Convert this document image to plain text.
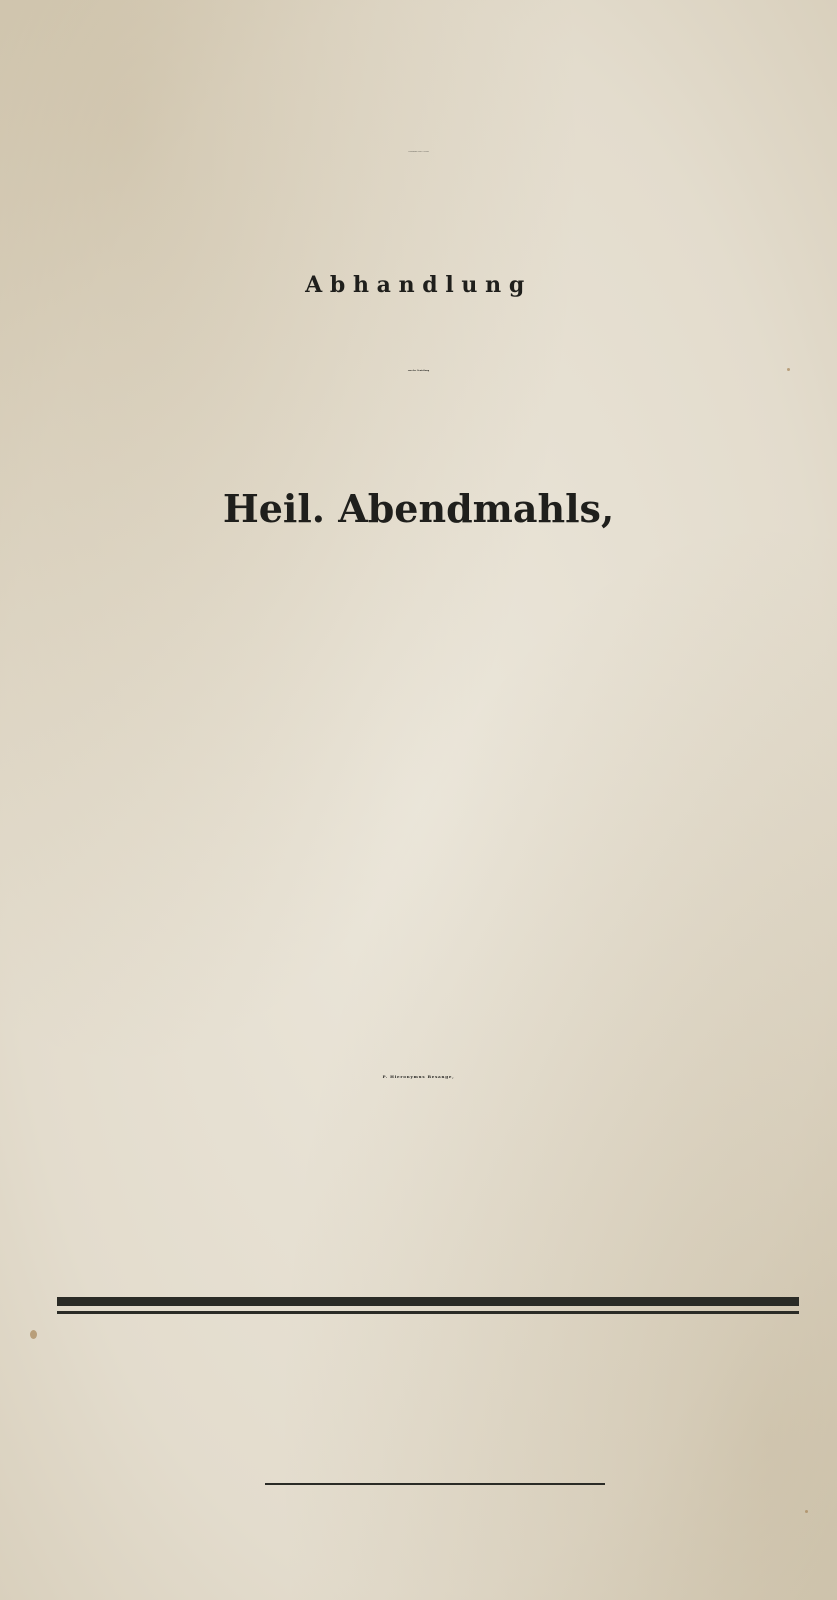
Hochwürdigsten Herrn J. B. Bossuet
Abhandlung
von der Genießung
Heil. Abendmahls,
P. Hieronymus Besange,
